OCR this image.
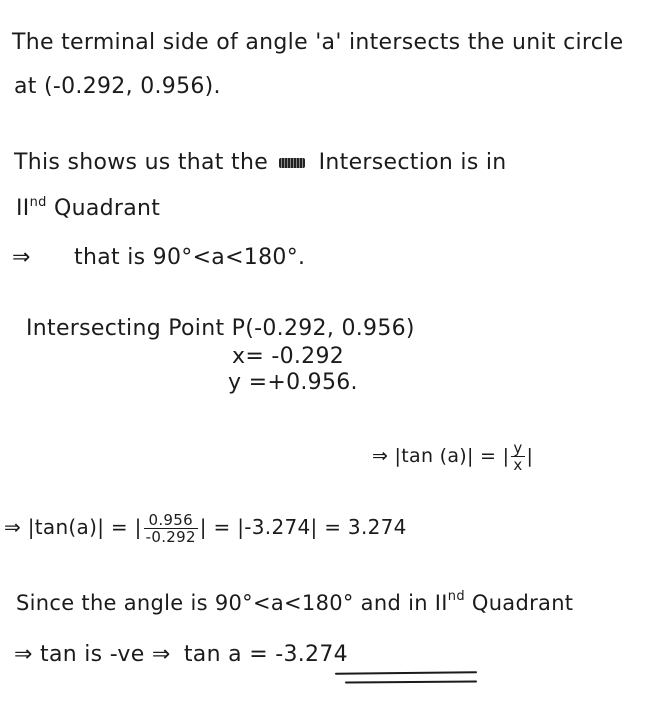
The terminal side of angle 'a' intersects the unit circle
at (-0.292, 0.956).
This shows us that the Intersection is in
IInd Quadrant
⇒ that is 90°<a<180°.
Intersecting Point P(-0.292, 0.956)
x= -0.292
y =+0.956.
⇒ |tan (a)| = | $\frac{y}{x}$ |
⇒ |tan(a)| = | $\frac{0.956}{-0.292}$ | = |-3.274| = 3.274
Since the angle is 90°<a<180° and in IInd Quadrant
⇒ tan is -ve ⇒ tan a = -3.274
